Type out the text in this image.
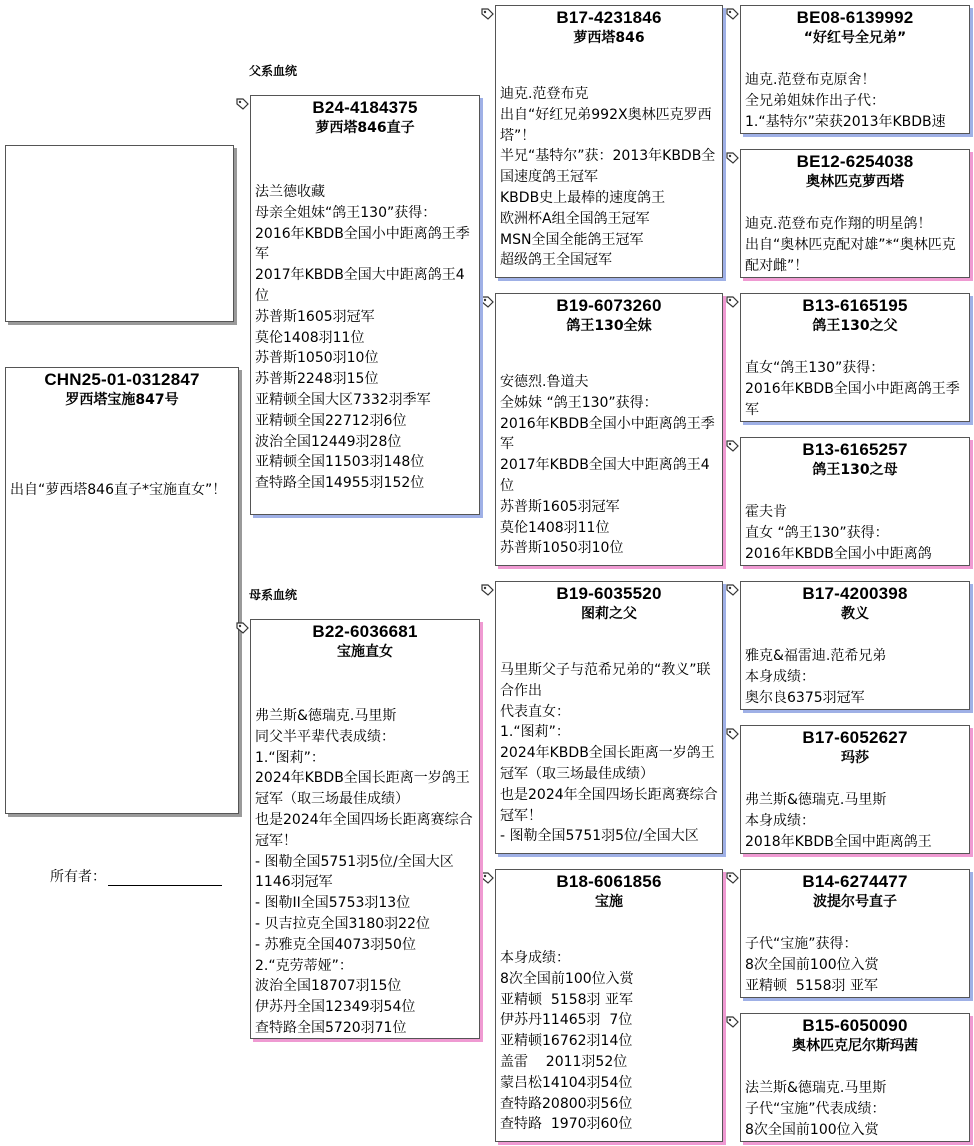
CHN25-01-0312847
罗西塔宝施847号
出自“萝西塔846直子*宝施直女”！
所有者：
父系血统
母系血统
B24-4184375
萝西塔846直子
法兰德收藏
母亲全姐妹“鸽王130”获得：
2016年KBDB全国小中距离鸽王季军
2017年KBDB全国大中距离鸽王4位
苏普斯1605羽冠军
莫伦1408羽11位
苏普斯1050羽10位
苏普斯2248羽15位
亚精顿全国大区7332羽季军
亚精顿全国22712羽6位
波治全国12449羽28位
亚精顿全国11503羽148位
查特路全国14955羽152位
B22-6036681
宝施直女
弗兰斯&德瑞克.马里斯
同父半平辈代表成绩：
1.“图莉”：
2024年KBDB全国长距离一岁鸽王冠军（取三场最佳成绩）
也是2024年全国四场长距离赛综合冠军！
- 图勒全国5751羽5位/全国大区1146羽冠军
- 图勒II全国5753羽13位
- 贝吉拉克全国3180羽22位
- 苏雅克全国4073羽50位
2.“克劳蒂娅”：
波治全国18707羽15位
伊苏丹全国12349羽54位
查特路全国5720羽71位
B17-4231846
萝西塔846
迪克.范登布克
出自“好红兄弟992X奥林匹克罗西塔”！
半兄“基特尔”获：2013年KBDB全国速度鸽王冠军
KBDB史上最棒的速度鸽王
欧洲杯A组全国鸽王冠军
MSN全国全能鸽王冠军
超级鸽王全国冠军
B19-6073260
鸽王130全妹
安德烈.鲁道夫
全姊妹 “鸽王130”获得：
2016年KBDB全国小中距离鸽王季军
2017年KBDB全国大中距离鸽王4位
苏普斯1605羽冠军
莫伦1408羽11位
苏普斯1050羽10位
B19-6035520
图莉之父
马里斯父子与范希兄弟的“教义”联合作出
代表直女：
1.“图莉”：
2024年KBDB全国长距离一岁鸽王冠军（取三场最佳成绩）
也是2024年全国四场长距离赛综合冠军！
- 图勒全国5751羽5位/全国大区
B18-6061856
宝施
本身成绩：
8次全国前100位入赏
亚精顿  5158羽 亚军
伊苏丹11465羽  7位
亚精顿16762羽14位
盖雷    2011羽52位
蒙吕松14104羽54位
查特路20800羽56位
查特路  1970羽60位
BE08-6139992
“好红号全兄弟”
迪克.范登布克原舍！
全兄弟姐妹作出子代：
1.“基特尔”荣获2013年KBDB速
BE12-6254038
奥林匹克萝西塔
迪克.范登布克作翔的明星鸽！
出自“奥林匹克配对雄”*“奥林匹克配对雌”！
B13-6165195
鸽王130之父
直女“鸽王130”获得：
2016年KBDB全国小中距离鸽王季军
B13-6165257
鸽王130之母
霍夫肯
直女 “鸽王130”获得：
2016年KBDB全国小中距离鸽
B17-4200398
教义
雅克&福雷迪.范希兄弟
本身成绩：
奥尔良6375羽冠军
B17-6052627
玛莎
弗兰斯&德瑞克.马里斯
本身成绩：
2018年KBDB全国中距离鸽王
B14-6274477
波提尔号直子
子代“宝施”获得：
8次全国前100位入赏
亚精顿  5158羽 亚军
B15-6050090
奥林匹克尼尔斯玛茜
法兰斯&德瑞克.马里斯
子代“宝施”代表成绩：
8次全国前100位入赏
